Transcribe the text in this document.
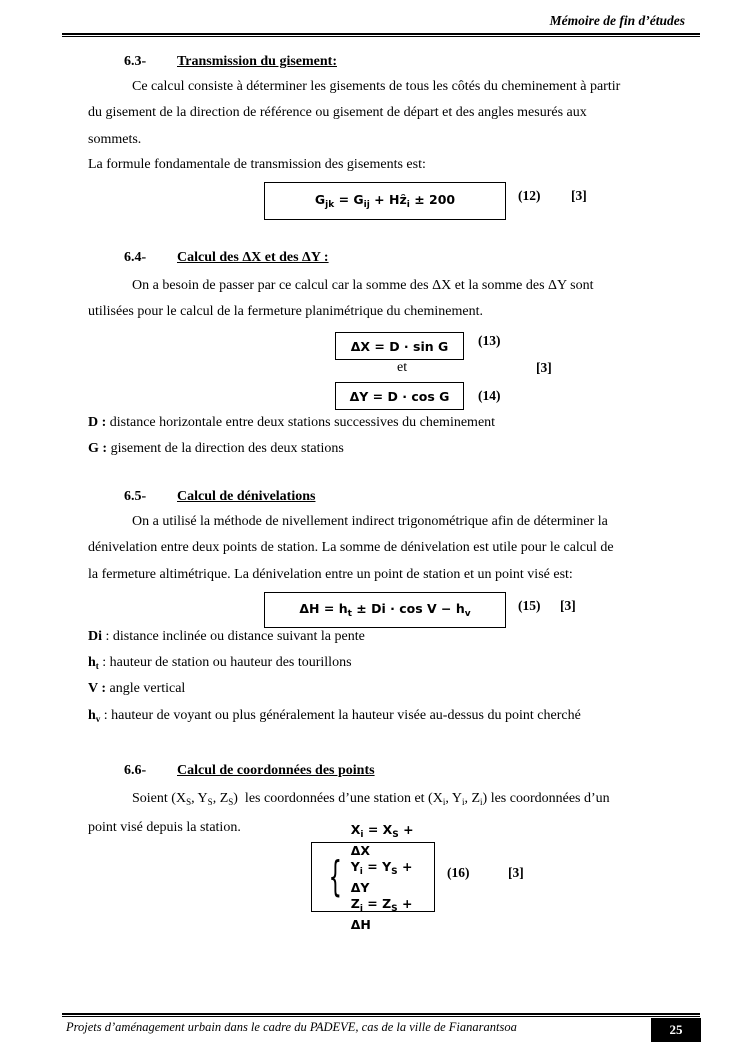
Mémoire de fin d’études
6.3- Transmission du gisement:
Ce calcul consiste à déterminer les gisements de tous les côtés du cheminement à partir
du gisement de la direction de référence ou gisement de départ et des angles mesurés aux
sommets.
La formule fondamentale de transmission des gisements est:
$G_{jk} = G_{ij}$ + $Hz̑_i \pm 200$	(12) [3]
6.4- Calcul des ΔX et des ΔY :
On a besoin de passer par ce calcul car la somme des ΔX et la somme des ΔY sont
utilisées pour le calcul de la fermeture planimétrique du cheminement.
ΔX = D · sin G (13)
et	[3]
ΔY = D · cos G (14)
D : distance horizontale entre deux stations successives du cheminement
G : gisement de la direction des deux stations
6.5- Calcul de dénivelations
On a utilisé la méthode de nivellement indirect trigonométrique afin de déterminer la
dénivelation entre deux points de station. La somme de dénivelation est utile pour le calcul de
la fermeture altimétrique. La dénivelation entre un point de station et un point visé est:
$\Delta H = h_t \pm Di \cdot \cos V - h_v$
(15) [3]
Di : distance inclinée ou distance suivant la pente
$h_t$ : hauteur de station ou hauteur des tourillons
V : angle vertical
$h_v$ : hauteur de voyant ou plus généralement la hauteur visée au-dessus du point cherché
6.6- Calcul de coordonnées des points
Soient ($X_S$, $Y_S$, $Z_S$)  les coordonnées d’une station et ($X_i$, $Y_i$, $Z_i$) les coordonnées d’un
point visé depuis la station.
{
$X_i = X_S + \Delta X$
$Y_i = Y_S + \Delta Y$
$Z_i = Z_S + \Delta H$
(16)	[3]
Projets d’aménagement urbain dans le cadre du PADEVE, cas de la ville de Fianarantsoa	25
